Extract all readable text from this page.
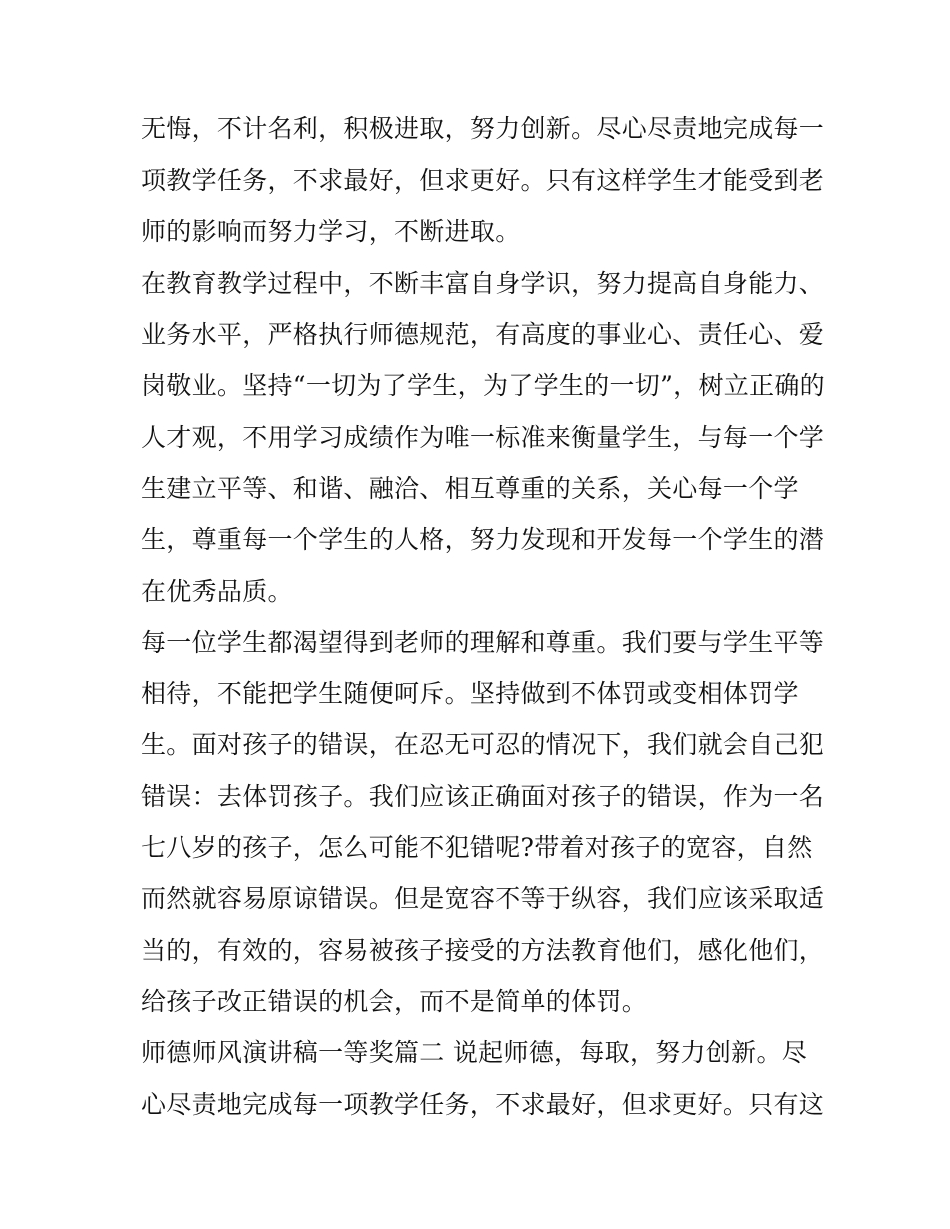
无悔，不计名利，积极进取，努力创新。尽心尽责地完成每一
项教学任务，不求最好，但求更好。只有这样学生才能受到老
师的影响而努力学习，不断进取。
在教育教学过程中，不断丰富自身学识，努力提高自身能力、
业务水平，严格执行师德规范，有高度的事业心、责任心、爱
岗敬业。坚持“一切为了学生，为了学生的一切”，树立正确的
人才观，不用学习成绩作为唯一标准来衡量学生，与每一个学
生建立平等、和谐、融洽、相互尊重的关系，关心每一个学
生，尊重每一个学生的人格，努力发现和开发每一个学生的潜
在优秀品质。
每一位学生都渴望得到老师的理解和尊重。我们要与学生平等
相待，不能把学生随便呵斥。坚持做到不体罚或变相体罚学
生。面对孩子的错误，在忍无可忍的情况下，我们就会自己犯
错误：去体罚孩子。我们应该正确面对孩子的错误，作为一名
七八岁的孩子，怎么可能不犯错呢?带着对孩子的宽容，自然
而然就容易原谅错误。但是宽容不等于纵容，我们应该采取适
当的，有效的，容易被孩子接受的方法教育他们，感化他们，
给孩子改正错误的机会，而不是简单的体罚。
师德师风演讲稿一等奖篇二 说起师德，每取，努力创新。尽
心尽责地完成每一项教学任务，不求最好，但求更好。只有这
